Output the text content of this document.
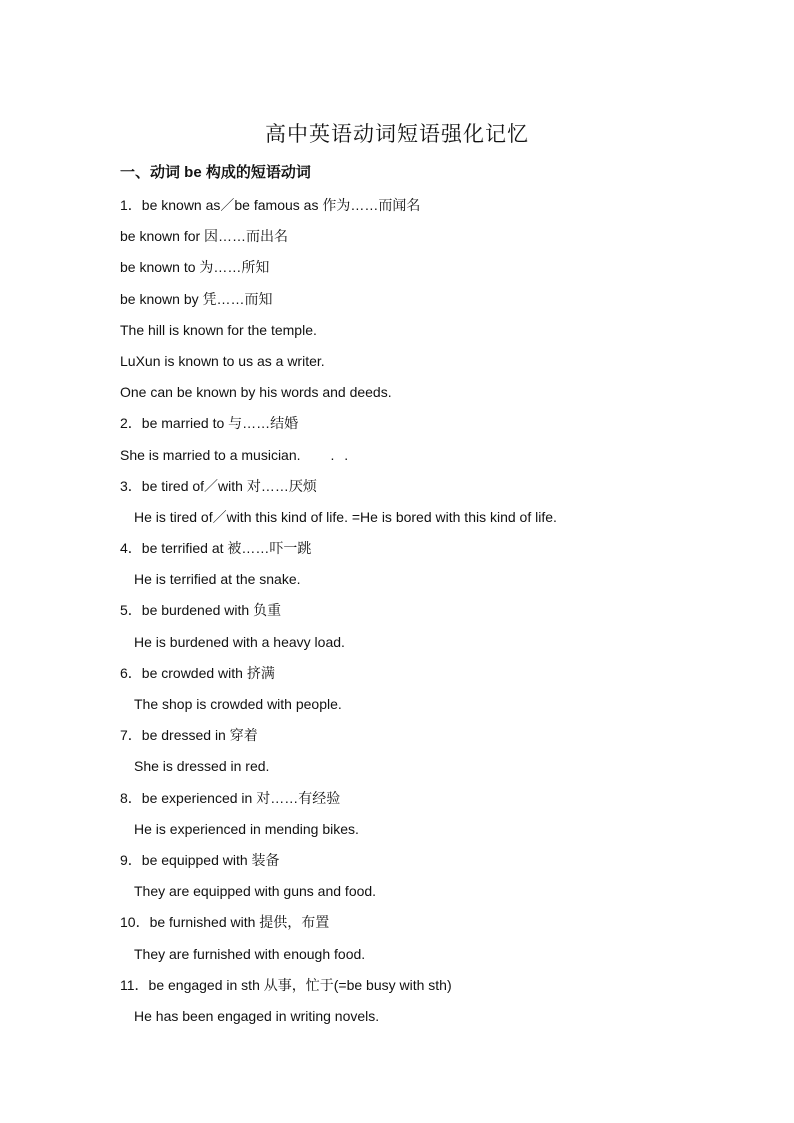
高中英语动词短语强化记忆
一、动词 be 构成的短语动词
1．be known as／be famous as 作为……而闻名
be known for 因……而出名
be known to 为……所知
be known by 凭……而知
The hill is known for the temple.
LuXun is known to us as a writer.
One can be known by his words and deeds.
2．be married to 与……结婚
She is married to a musician. . .
3．be tired of／with 对……厌烦
He is tired of／with this kind of life. =He is bored with this kind of life.
4．be terrified at 被……吓一跳
He is terrified at the snake.
5．be burdened with 负重
He is burdened with a heavy load.
6．be crowded with 挤满
The shop is crowded with people.
7．be dressed in 穿着
She is dressed in red.
8．be experienced in 对……有经验
He is experienced in mending bikes.
9．be equipped with 装备
They are equipped with guns and food.
10．be furnished with 提供，布置
They are furnished with enough food.
11．be engaged in sth 从事，忙于(=be busy with sth)
He has been engaged in writing novels.
